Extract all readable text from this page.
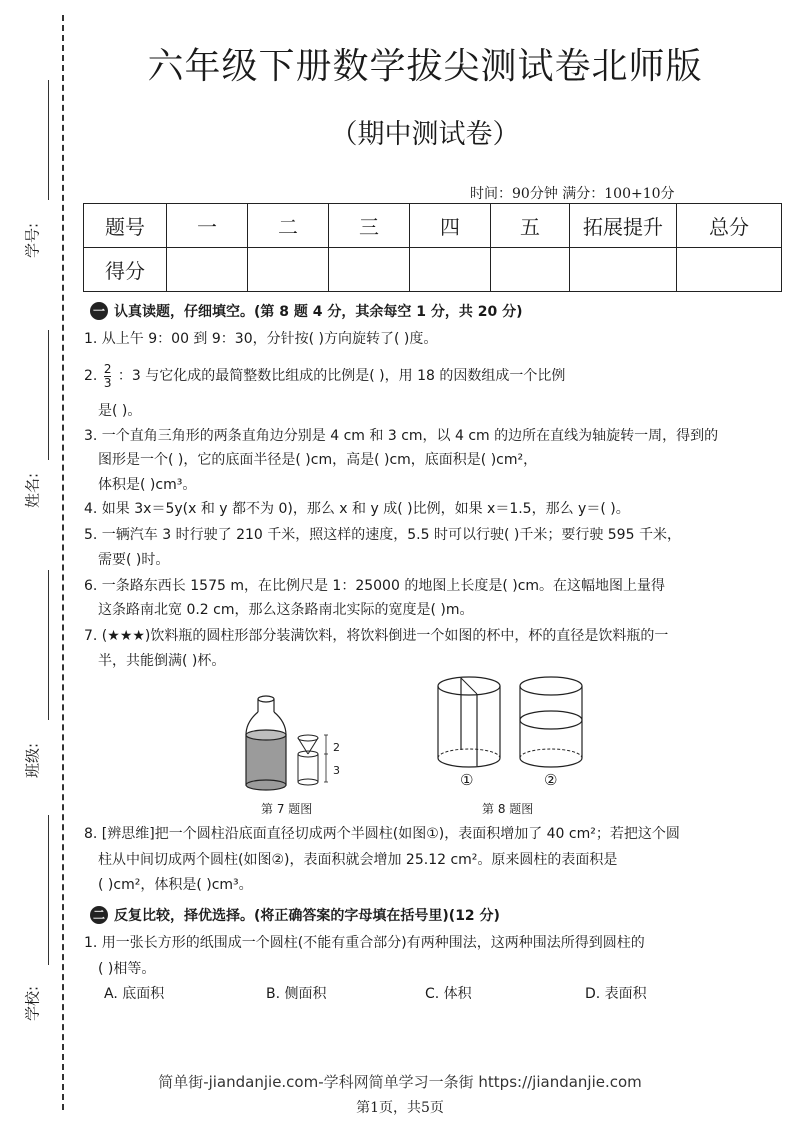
学号:
姓名:
班级:
学校:
六年级下册数学拔尖测试卷北师版
（期中测试卷）
时间：90分钟 满分：100+10分
题号	一	二	三	四	五	拓展提升	总分
得分							
一 认真读题，仔细填空。(第 8 题 4 分，其余每空 1 分，共 20 分)
1. 从上午 9：00 到 9：30，分针按( )方向旋转了( )度。
2. $\frac{2}{3}$ ：3 与它化成的最简整数比组成的比例是( )，用 18 的因数组成一个比例
是( )。
3. 一个直角三角形的两条直角边分别是 4 cm 和 3 cm，以 4 cm 的边所在直线为轴旋转一周，得到的
图形是一个( )，它的底面半径是( )cm，高是( )cm，底面积是( )cm²，
体积是( )cm³。
4. 如果 3x＝5y(x 和 y 都不为 0)，那么 x 和 y 成( )比例，如果 x＝1.5，那么 y＝( )。
5. 一辆汽车 3 时行驶了 210 千米，照这样的速度，5.5 时可以行驶( )千米；要行驶 595 千米，
需要( )时。
6. 一条路东西长 1575 m，在比例尺是 1：25000 的地图上长度是( )cm。在这幅地图上量得
这条路南北宽 0.2 cm，那么这条路南北实际的宽度是( )m。
7. (★★★)饮料瓶的圆柱形部分装满饮料，将饮料倒进一个如图的杯中，杯的直径是饮料瓶的一
半，共能倒满( )杯。
2
3
第 7 题图
①	②
第 8 题图
8. [辨思维]把一个圆柱沿底面直径切成两个半圆柱(如图①)，表面积增加了 40 cm²；若把这个圆
柱从中间切成两个圆柱(如图②)，表面积就会增加 25.12 cm²。原来圆柱的表面积是
( )cm²，体积是( )cm³。
二 反复比较，择优选择。(将正确答案的字母填在括号里)(12 分)
1. 用一张长方形的纸围成一个圆柱(不能有重合部分)有两种围法，这两种围法所得到圆柱的
( )相等。
A. 底面积	B. 侧面积	C. 体积	D. 表面积
简单街-jiandanjie.com-学科网简单学习一条街 https://jiandanjie.com
第1页，共5页
